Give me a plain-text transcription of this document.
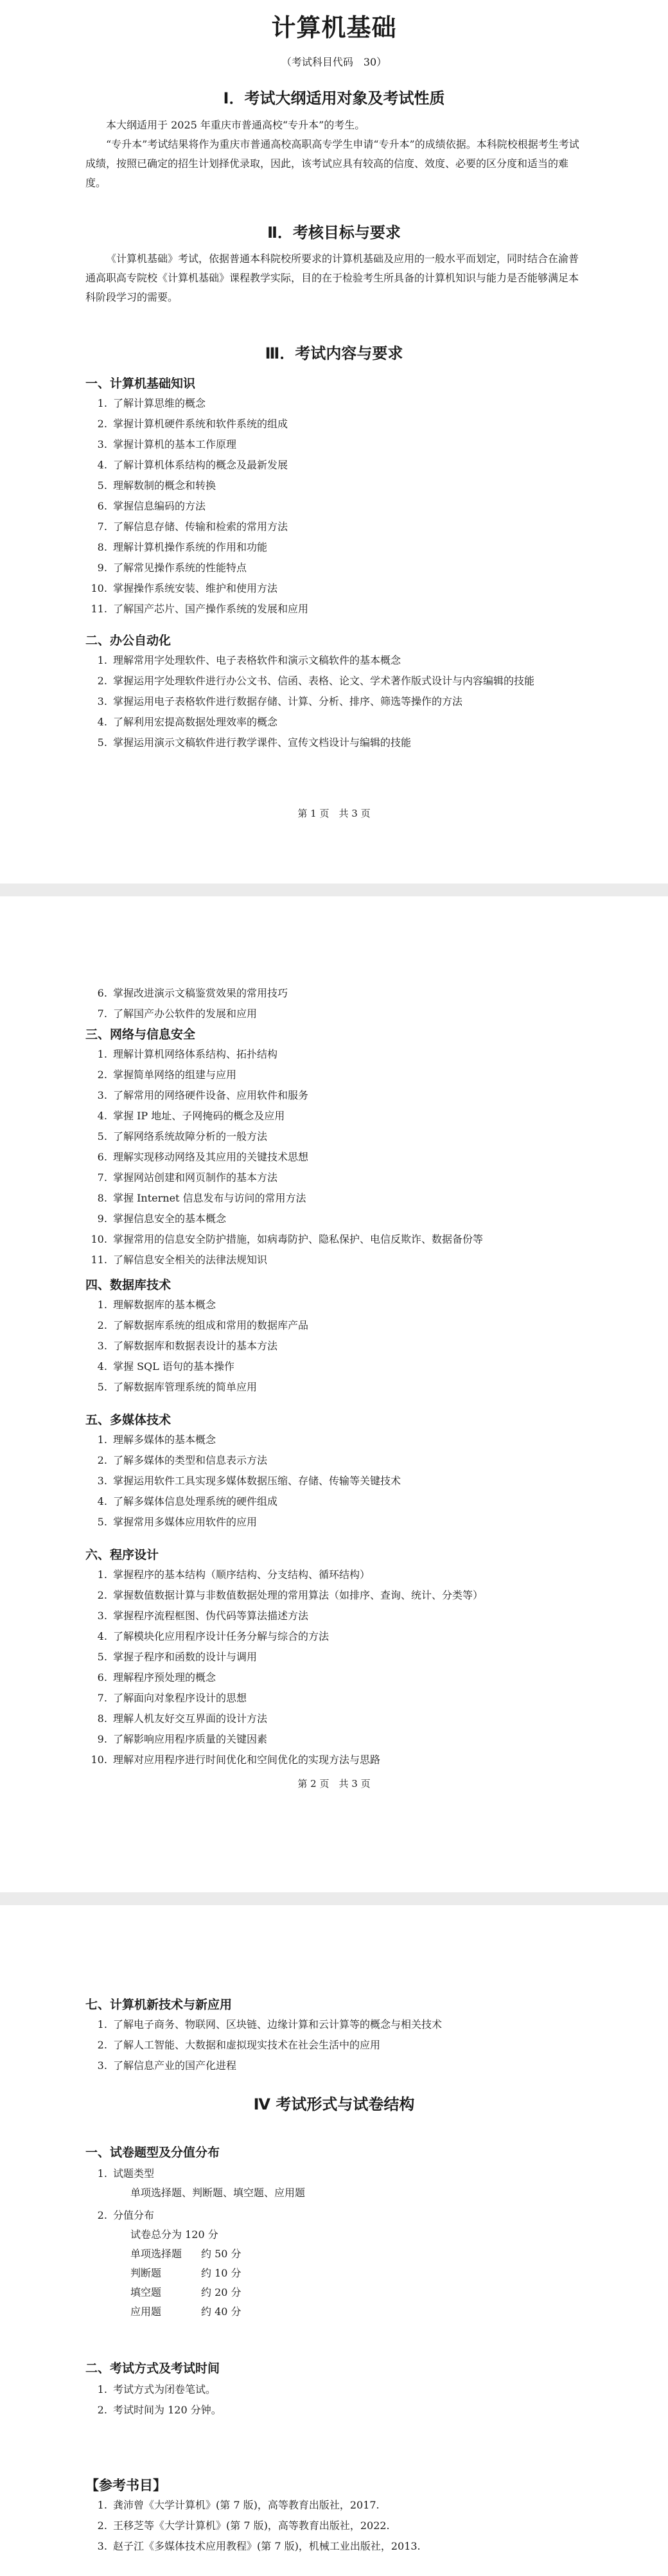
计算机基础
（考试科目代码　30）
Ⅰ．考试大纲适用对象及考试性质

本大纲适用于 2025 年重庆市普通高校“专升本”的考生。

“专升本”考试结果将作为重庆市普通高校高职高专学生申请“专升本”的成绩依据。本科院校根据考生考试成绩，按照已确定的招生计划择优录取，因此，该考试应具有较高的信度、效度、必要的区分度和适当的难度。

Ⅱ．考核目标与要求

《计算机基础》考试，依据普通本科院校所要求的计算机基础及应用的一般水平而划定，同时结合在渝普通高职高专院校《计算机基础》课程教学实际，目的在于检验考生所具备的计算机知识与能力是否能够满足本科阶段学习的需要。

Ⅲ．考试内容与要求
一、计算机基础知识
1. 了解计算思维的概念
2. 掌握计算机硬件系统和软件系统的组成
3. 掌握计算机的基本工作原理
4. 了解计算机体系结构的概念及最新发展
5. 理解数制的概念和转换
6. 掌握信息编码的方法
7. 了解信息存储、传输和检索的常用方法
8. 理解计算机操作系统的作用和功能
9. 了解常见操作系统的性能特点
10. 掌握操作系统安装、维护和使用方法
11. 了解国产芯片、国产操作系统的发展和应用
二、办公自动化
1. 理解常用字处理软件、电子表格软件和演示文稿软件的基本概念
2. 掌握运用字处理软件进行办公文书、信函、表格、论文、学术著作版式设计与内容编辑的技能
3. 掌握运用电子表格软件进行数据存储、计算、分析、排序、筛选等操作的方法
4. 了解利用宏提高数据处理效率的概念
5. 掌握运用演示文稿软件进行教学课件、宣传文档设计与编辑的技能
第 1 页　共 3 页
6. 掌握改进演示文稿鉴赏效果的常用技巧
7. 了解国产办公软件的发展和应用
三、网络与信息安全
1. 理解计算机网络体系结构、拓扑结构
2. 掌握简单网络的组建与应用
3. 了解常用的网络硬件设备、应用软件和服务
4. 掌握 IP 地址、子网掩码的概念及应用
5. 了解网络系统故障分析的一般方法
6. 理解实现移动网络及其应用的关键技术思想
7. 掌握网站创建和网页制作的基本方法
8. 掌握 Internet 信息发布与访问的常用方法
9. 掌握信息安全的基本概念
10. 掌握常用的信息安全防护措施，如病毒防护、隐私保护、电信反欺诈、数据备份等
11. 了解信息安全相关的法律法规知识
四、数据库技术
1. 理解数据库的基本概念
2. 了解数据库系统的组成和常用的数据库产品
3. 了解数据库和数据表设计的基本方法
4. 掌握 SQL 语句的基本操作
5. 了解数据库管理系统的简单应用
五、多媒体技术
1. 理解多媒体的基本概念
2. 了解多媒体的类型和信息表示方法
3. 掌握运用软件工具实现多媒体数据压缩、存储、传输等关键技术
4. 了解多媒体信息处理系统的硬件组成
5. 掌握常用多媒体应用软件的应用
六、程序设计
1. 掌握程序的基本结构（顺序结构、分支结构、循环结构）
2. 掌握数值数据计算与非数值数据处理的常用算法（如排序、查询、统计、分类等）
3. 掌握程序流程框图、伪代码等算法描述方法
4. 了解模块化应用程序设计任务分解与综合的方法
5. 掌握子程序和函数的设计与调用
6. 理解程序预处理的概念
7. 了解面向对象程序设计的思想
8. 理解人机友好交互界面的设计方法
9. 了解影响应用程序质量的关键因素
10. 理解对应用程序进行时间优化和空间优化的实现方法与思路
第 2 页　共 3 页
七、计算机新技术与新应用
1. 了解电子商务、物联网、区块链、边缘计算和云计算等的概念与相关技术
2. 了解人工智能、大数据和虚拟现实技术在社会生活中的应用
3. 了解信息产业的国产化进程
Ⅳ 考试形式与试卷结构
一、试卷题型及分值分布
1. 试题类型
单项选择题、判断题、填空题、应用题
2. 分值分布
试卷总分为 120 分
单项选择题	约 50 分
判断题	约 10 分
填空题	约 20 分
应用题	约 40 分
二、考试方式及考试时间
1. 考试方式为闭卷笔试。
2. 考试时间为 120 分钟。
【参考书目】
1. 龚沛曾《大学计算机》(第 7 版)，高等教育出版社，2017.
2. 王移芝等《大学计算机》(第 7 版)，高等教育出版社，2022.
3. 赵子江《多媒体技术应用教程》(第 7 版)，机械工业出版社，2013.
